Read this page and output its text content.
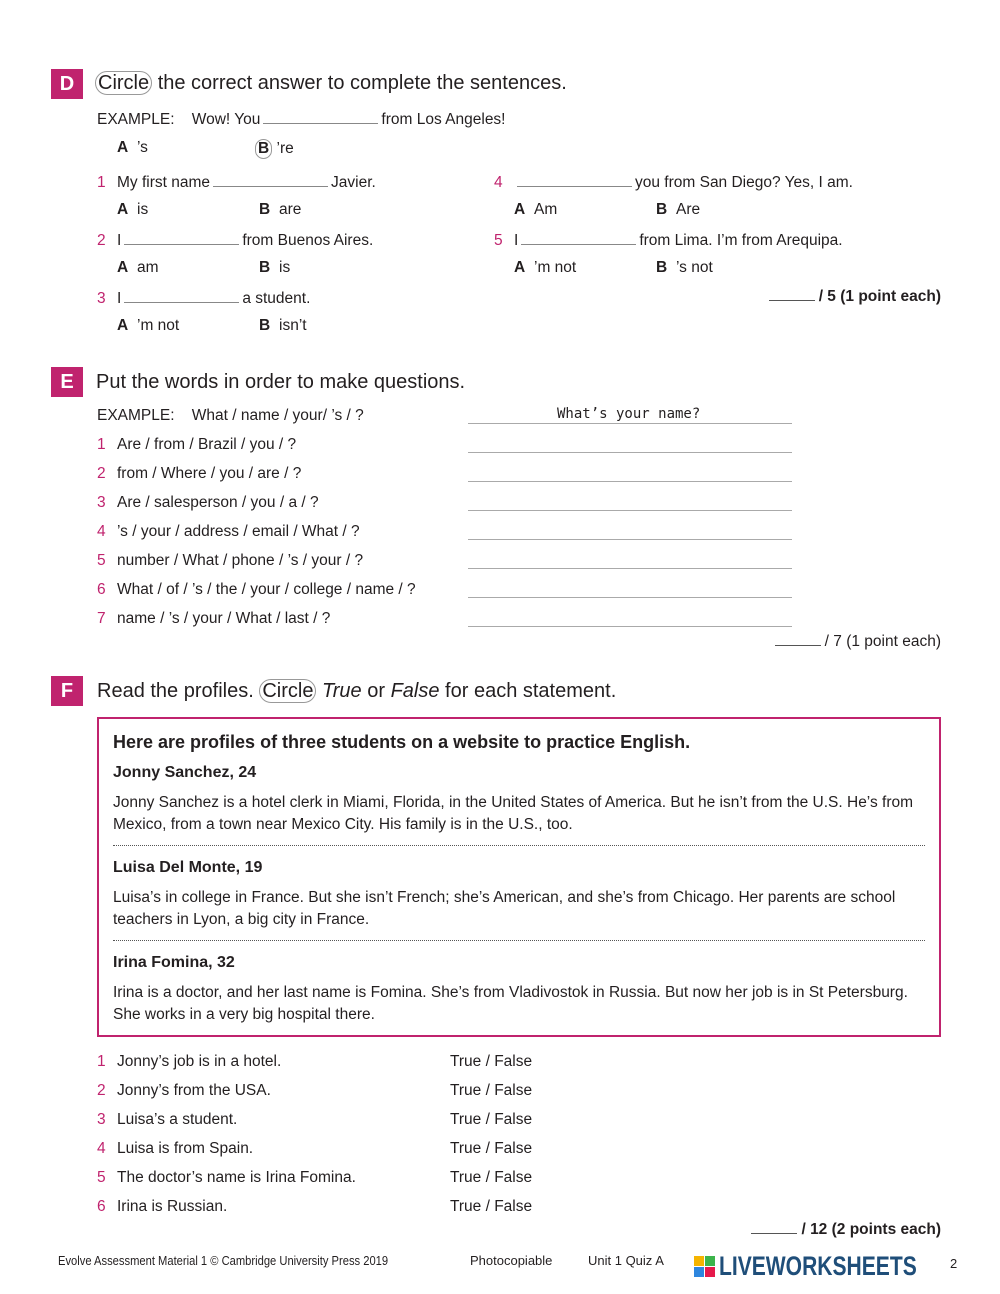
D	Circle the correct answer to complete the sentences.
EXAMPLE: Wow! You	from Los Angeles!
A ’s	B ’re
1 My first name	Javier.
A is	B are
2 I	from Buenos Aires.
A am	B is
3 I	a student.
A ’m not	B isn’t
4	you from San Diego? Yes, I am.
A Am	B Are
5 I	from Lima. I’m from Arequipa.
A ’m not	B ’s not
/ 5 (1 point each)
E	Put the words in order to make questions.
EXAMPLE: What / name / your/ ’s / ?	What’s your name?
1 Are / from / Brazil / you / ?
2 from / Where / you / are / ?
3 Are / salesperson / you / a / ?
4 ’s / your / address / email / What / ?
5 number / What / phone / ’s / your / ?
6 What / of / ’s / the / your / college / name / ?
7 name / ’s / your / What / last / ?
/ 7 (1 point each)
F	Read the profiles. Circle True or False for each statement.
Here are profiles of three students on a website to practice English.
Jonny Sanchez, 24
Jonny Sanchez is a hotel clerk in Miami, Florida, in the United States of America. But he isn’t from the U.S. He’s from Mexico, from a town near Mexico City. His family is in the U.S., too.
Luisa Del Monte, 19
Luisa’s in college in France. But she isn’t French; she’s American, and she’s from Chicago. Her parents are school teachers in Lyon, a big city in France.
Irina Fomina, 32
Irina is a doctor, and her last name is Fomina. She’s from Vladivostok in Russia. But now her job is in St Petersburg. She works in a very big hospital there.
1 Jonny’s job is in a hotel.	True / False
2 Jonny’s from the USA.	True / False
3 Luisa’s a student.	True / False
4 Luisa is from Spain.	True / False
5 The doctor’s name is Irina Fomina.	True / False
6 Irina is Russian.	True / False
/ 12 (2 points each)
Evolve Assessment Material 1 © Cambridge University Press 2019	Photocopiable	Unit 1 Quiz A LIVEWORKSHEETS	2
